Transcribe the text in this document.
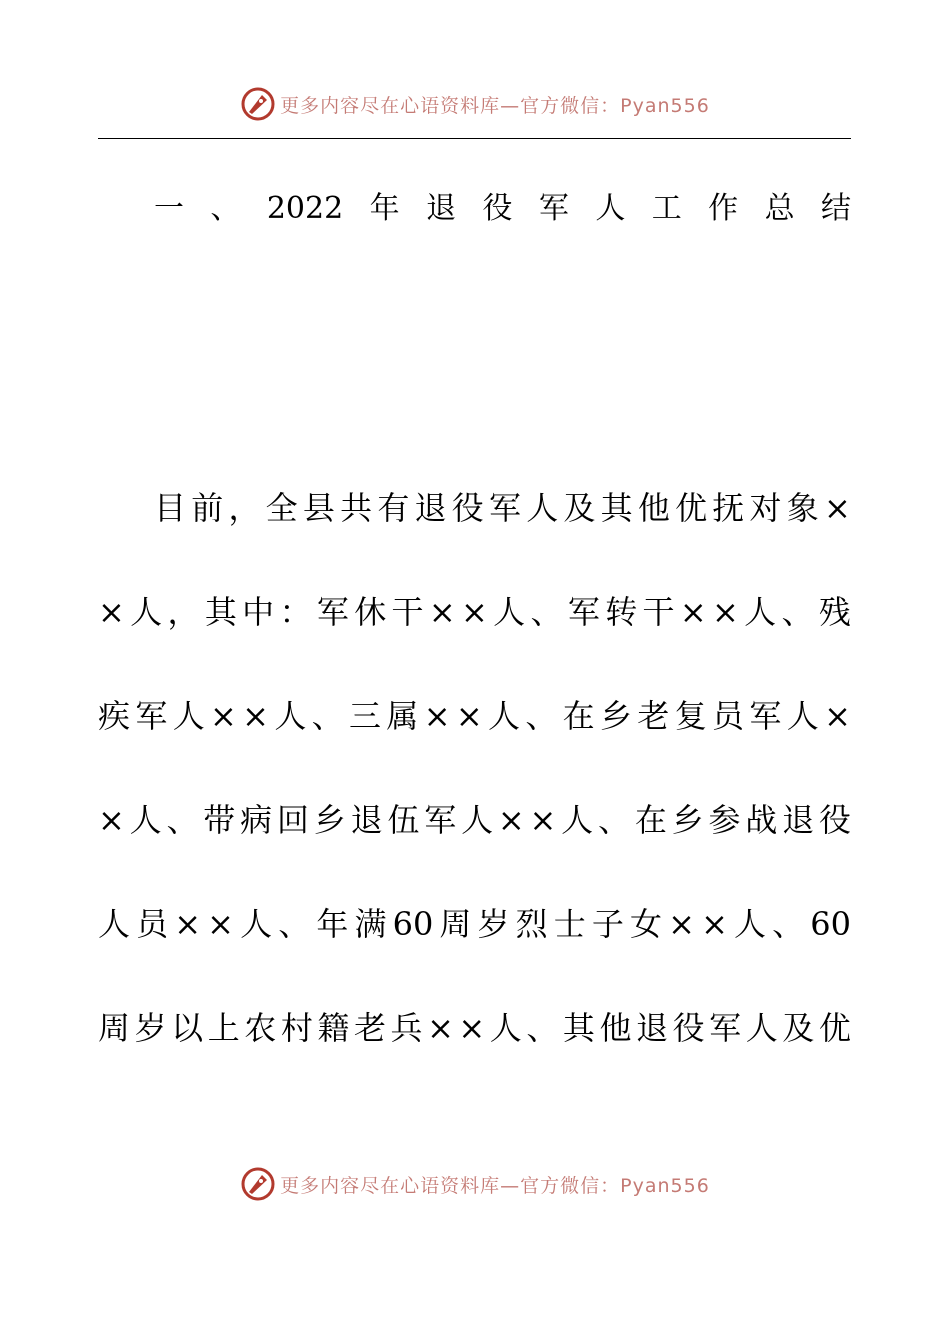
更多内容尽在心语资料库—官方微信：Pyan556
一 、 2022 年 退 役 军 人 工 作 总 结
目 前 ， 全 县 共 有 退 役 军 人 及 其 他 优 抚 对 象 ×
× 人 ， 其 中 ： 军 休 干 × × 人 、 军 转 干 × × 人 、 残
疾 军 人 × × 人 、 三 属 × × 人 、 在 乡 老 复 员 军 人 ×
× 人 、 带 病 回 乡 退 伍 军 人 × × 人 、 在 乡 参 战 退 役
人 员 × × 人 、 年 满 60 周 岁 烈 士 子 女 × × 人 、 60
周 岁 以 上 农 村 籍 老 兵 × × 人 、 其 他 退 役 军 人 及 优
更多内容尽在心语资料库—官方微信：Pyan556
